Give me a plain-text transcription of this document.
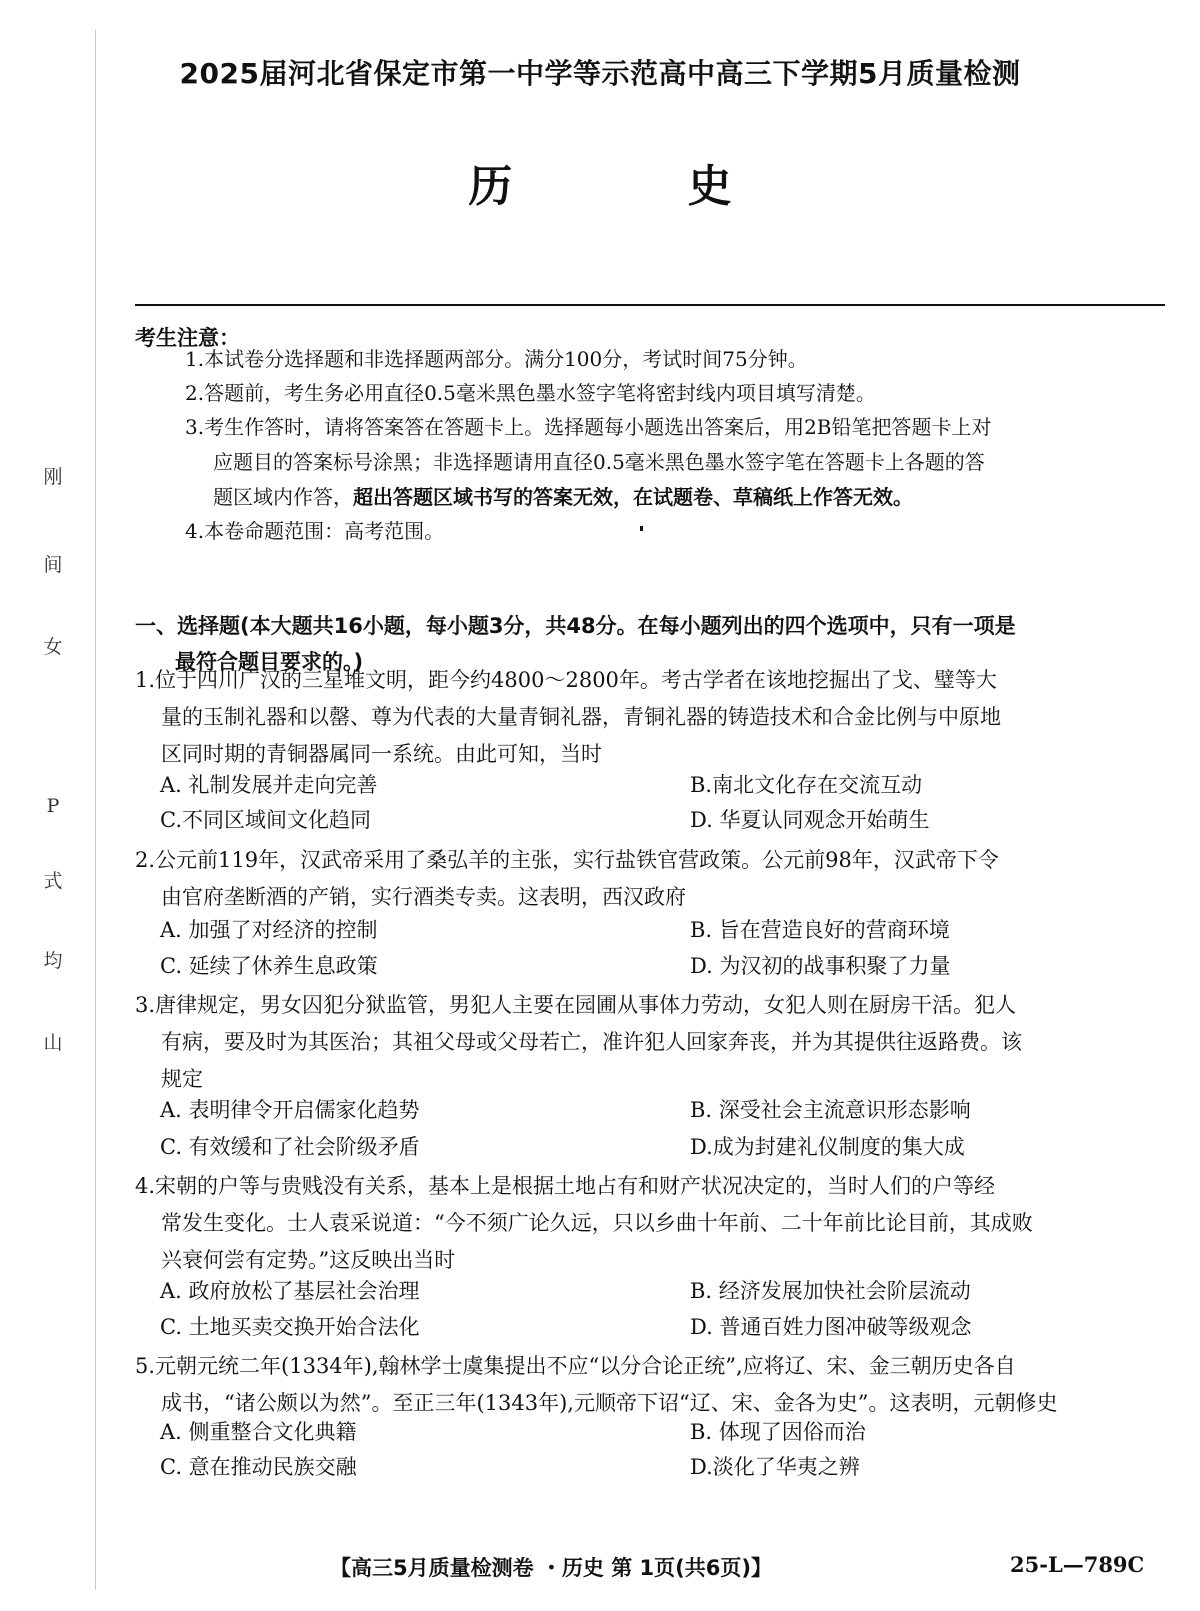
刚
间
女
P
式
均
山
2025届河北省保定市第一中学等示范高中高三下学期5月质量检测
历 史
考生注意：
1.本试卷分选择题和非选择题两部分。满分100分，考试时间75分钟。
2.答题前，考生务必用直径0.5毫米黑色墨水签字笔将密封线内项目填写清楚。
3.考生作答时，请将答案答在答题卡上。选择题每小题选出答案后，用2B铅笔把答题卡上对
应题目的答案标号涂黑；非选择题请用直径0.5毫米黑色墨水签字笔在答题卡上各题的答
题区域内作答，超出答题区域书写的答案无效，在试题卷、草稿纸上作答无效。
4.本卷命题范围：高考范围。
一、选择题(本大题共16小题，每小题3分，共48分。在每小题列出的四个选项中，只有一项是
最符合题目要求的。)
1.位于四川广汉的三星堆文明，距今约4800～2800年。考古学者在该地挖掘出了戈、璧等大
量的玉制礼器和以罄、尊为代表的大量青铜礼器，青铜礼器的铸造技术和合金比例与中原地
区同时期的青铜器属同一系统。由此可知，当时
A. 礼制发展并走向完善	B.南北文化存在交流互动
C.不同区域间文化趋同	D. 华夏认同观念开始萌生
2.公元前119年，汉武帝采用了桑弘羊的主张，实行盐铁官营政策。公元前98年，汉武帝下令
由官府垄断酒的产销，实行酒类专卖。这表明，西汉政府
A. 加强了对经济的控制	B. 旨在营造良好的营商环境
C. 延续了休养生息政策	D. 为汉初的战事积聚了力量
3.唐律规定，男女囚犯分狱监管，男犯人主要在园圃从事体力劳动，女犯人则在厨房干活。犯人
有病，要及时为其医治；其祖父母或父母若亡，准许犯人回家奔丧，并为其提供往返路费。该
规定
A. 表明律令开启儒家化趋势	B. 深受社会主流意识形态影响
C. 有效缓和了社会阶级矛盾	D.成为封建礼仪制度的集大成
4.宋朝的户等与贵贱没有关系，基本上是根据土地占有和财产状况决定的，当时人们的户等经
常发生变化。士人袁采说道：“今不须广论久远，只以乡曲十年前、二十年前比论目前，其成败
兴衰何尝有定势。”这反映出当时
A. 政府放松了基层社会治理	B. 经济发展加快社会阶层流动
C. 土地买卖交换开始合法化	D. 普通百姓力图冲破等级观念
5.元朝元统二年(1334年),翰林学士虞集提出不应“以分合论正统”,应将辽、宋、金三朝历史各自
成书，“诸公颇以为然”。至正三年(1343年),元顺帝下诏“辽、宋、金各为史”。这表明，元朝修史
A. 侧重整合文化典籍	B. 体现了因俗而治
C. 意在推动民族交融	D.淡化了华夷之辨
【高三5月质量检测卷 ・历史 第 1页(共6页)】	25-L—789C
